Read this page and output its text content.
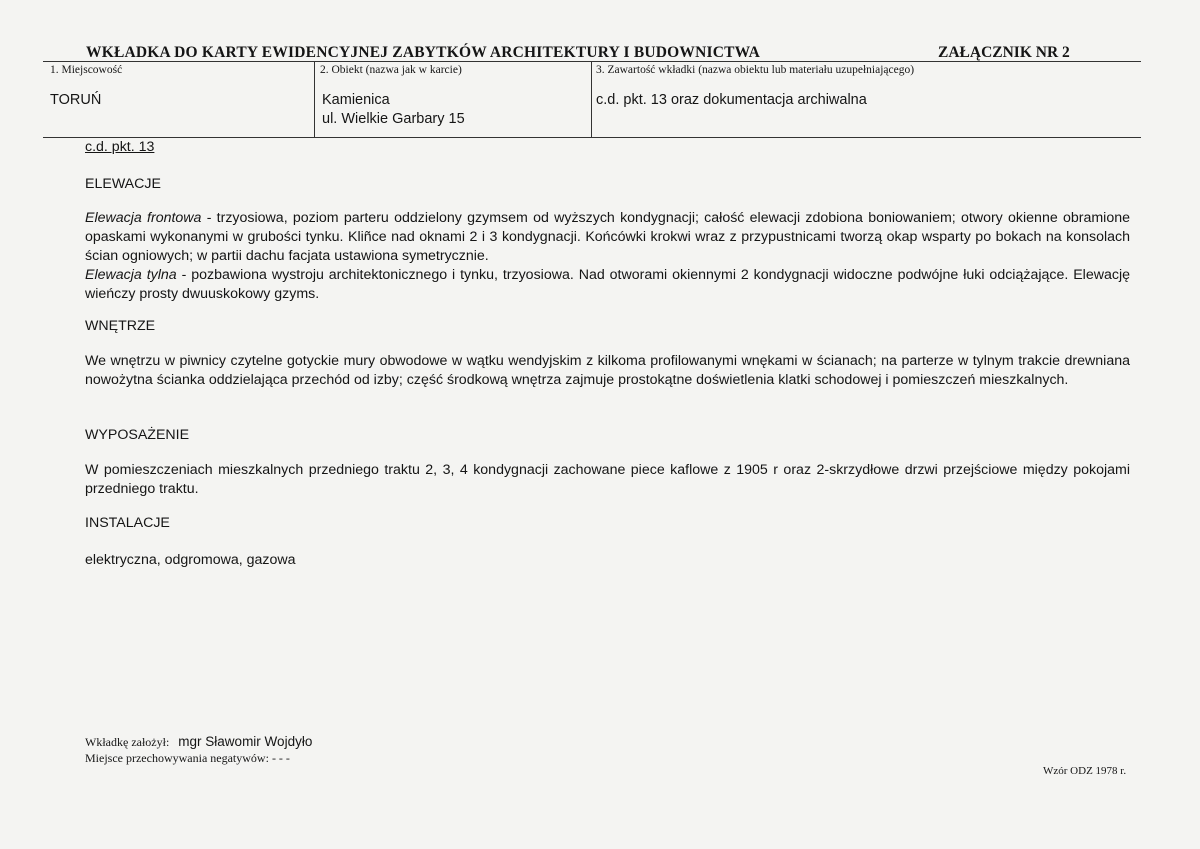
WKŁADKA DO KARTY EWIDENCYJNEJ ZABYTKÓW ARCHITEKTURY I BUDOWNICTWA	ZAŁĄCZNIK NR 2
1. Miejscowość
TORUŃ
2. Obiekt (nazwa jak w karcie)
Kamienica
ul. Wielkie Garbary 15
3. Zawartość wkładki (nazwa obiektu lub materiału uzupełniającego)
c.d. pkt. 13 oraz dokumentacja archiwalna
c.d. pkt. 13
ELEWACJE

Elewacja frontowa - trzyosiowa, poziom parteru oddzielony gzymsem od wyższych kondygnacji; całość elewacji zdobiona boniowaniem; otwory okienne obramione opaskami wykonanymi w grubości tynku. Kliñce nad oknami 2 i 3 kondygnacji. Końcówki krokwi wraz z przypustnicami tworzą okap wsparty po bokach na konsolach ścian ogniowych; w partii dachu facjata ustawiona symetrycznie.

Elewacja tylna - pozbawiona wystroju architektonicznego i tynku, trzyosiowa. Nad otworami okiennymi 2 kondygnacji widoczne podwójne łuki odciążające. Elewację wieńczy prosty dwuuskokowy gzyms.

WNĘTRZE

We wnętrzu w piwnicy czytelne gotyckie mury obwodowe w wątku wendyjskim z kilkoma profilowanymi wnękami w ścianach; na parterze w tylnym trakcie drewniana nowożytna ścianka oddzielająca przechód od izby; część środkową wnętrza zajmuje prostokątne doświetlenia klatki schodowej i pomieszczeń mieszkalnych.

WYPOSAŻENIE

W pomieszczeniach mieszkalnych przedniego traktu 2, 3, 4 kondygnacji zachowane piece kaflowe z 1905 r oraz 2-skrzydłowe drzwi przejściowe między pokojami przedniego traktu.

INSTALACJE

elektryczna, odgromowa, gazowa

Wkładkę założył: mgr Sławomir Wojdyło
Miejsce przechowywania negatywów: - - -
Wzór ODZ 1978 r.
